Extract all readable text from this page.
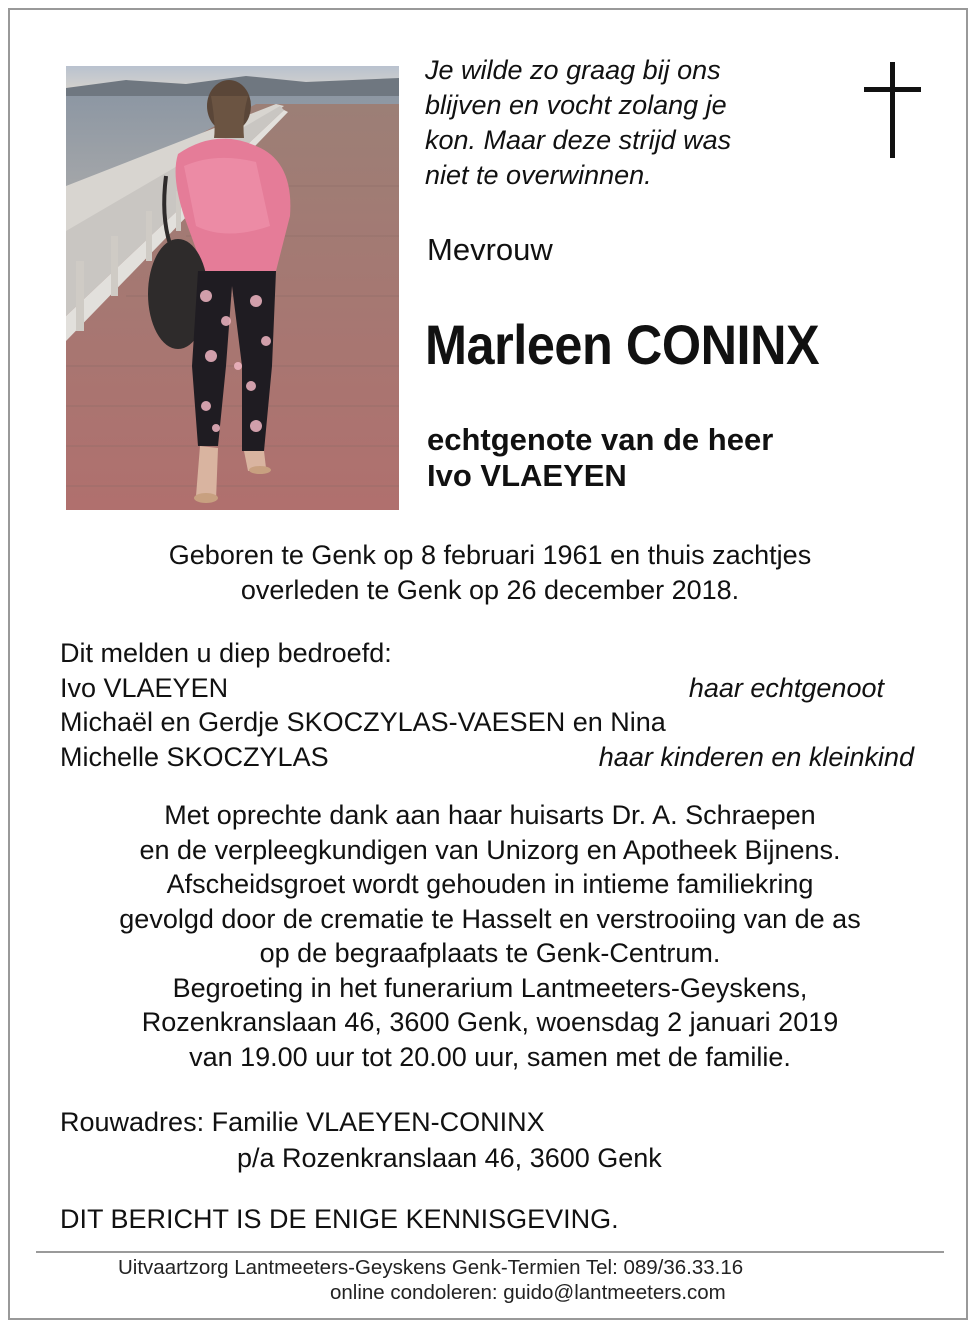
Je wilde zo graag bij ons
blijven en vocht zolang je
kon. Maar deze strijd was
niet te overwinnen.
Mevrouw
Marleen CONINX
echtgenote van de heer
Ivo VLAEYEN
Geboren te Genk op 8 februari 1961 en thuis zachtjes
overleden te Genk op 26 december 2018.
Dit melden u diep bedroefd:
Ivo VLAEYEN	haar echtgenoot
Michaël en Gerdje SKOCZYLAS-VAESEN en Nina
Michelle SKOCZYLAS	haar kinderen en kleinkind
Met oprechte dank aan haar huisarts Dr. A. Schraepen
en de verpleegkundigen van Unizorg en Apotheek Bijnens.
Afscheidsgroet wordt gehouden in intieme familiekring
gevolgd door de crematie te Hasselt en verstrooiing van de as
op de begraafplaats te Genk-Centrum.
Begroeting in het funerarium Lantmeeters-Geyskens,
Rozenkranslaan 46, 3600 Genk, woensdag 2 januari 2019
van 19.00 uur tot 20.00 uur, samen met de familie.
Rouwadres: Familie VLAEYEN-CONINX
p/a Rozenkranslaan 46, 3600 Genk
DIT BERICHT IS DE ENIGE KENNISGEVING.
Uitvaartzorg Lantmeeters-Geyskens Genk-Termien Tel: 089/36.33.16
online condoleren: guido@lantmeeters.com
